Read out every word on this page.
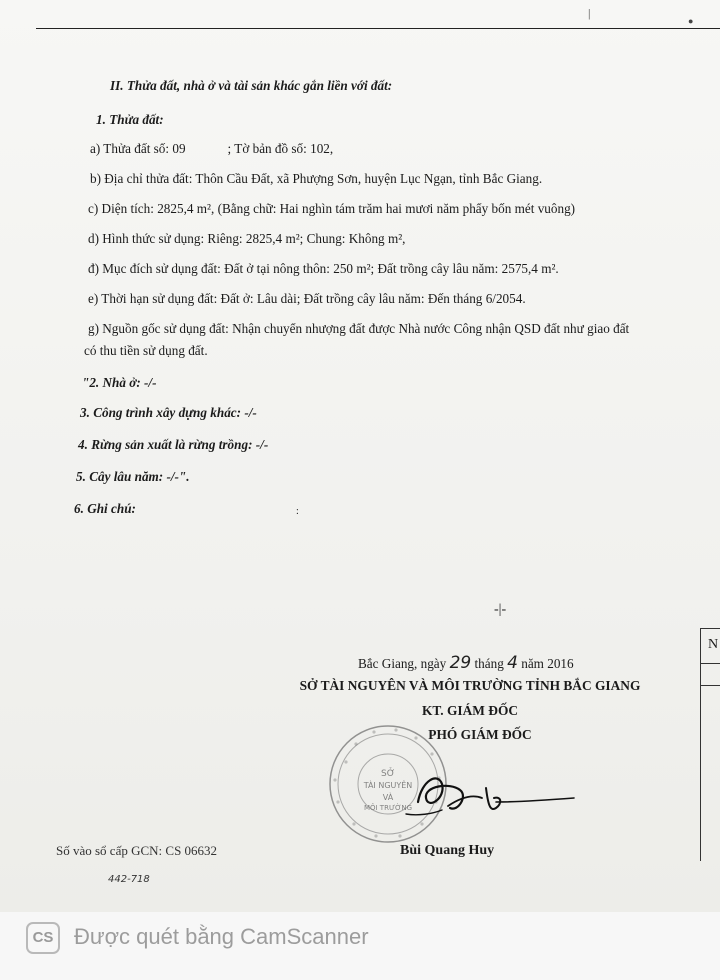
|
●
II. Thửa đất, nhà ở và tài sản khác gắn liền với đất:
1. Thửa đất:
a) Thửa đất số: 09	; Tờ bản đồ số: 102,
b) Địa chỉ thửa đất: Thôn Cầu Đất, xã Phượng Sơn, huyện Lục Ngạn, tỉnh Bắc Giang.
c) Diện tích: 2825,4 m², (Bằng chữ: Hai nghìn tám trăm hai mươi năm phẩy bốn mét vuông)
d) Hình thức sử dụng: Riêng: 2825,4 m²; Chung: Không m²,
đ) Mục đích sử dụng đất: Đất ở tại nông thôn: 250 m²; Đất trồng cây lâu năm: 2575,4 m².
e) Thời hạn sử dụng đất: Đất ở: Lâu dài; Đất trồng cây lâu năm: Đến tháng 6/2054.
g) Nguồn gốc sử dụng đất: Nhận chuyển nhượng đất được Nhà nước Công nhận QSD đất như giao đất
có thu tiền sử dụng đất.
"2. Nhà ở: -/-
3. Công trình xây dựng khác: -/-
4. Rừng sản xuất là rừng trồng: -/-
5. Cây lâu năm: -/-".
6. Ghi chú:	:
-|-
Bắc Giang, ngày 29 tháng 4 năm 2016
SỞ TÀI NGUYÊN VÀ MÔI TRƯỜNG TỈNH BẮC GIANG
KT. GIÁM ĐỐC
PHÓ GIÁM ĐỐC
SỞ
TÀI NGUYÊN
VÀ
MÔI TRƯỜNG
Bùi Quang Huy
Số vào sổ cấp GCN: CS 06632
442-718
N
CS Được quét bằng CamScanner
